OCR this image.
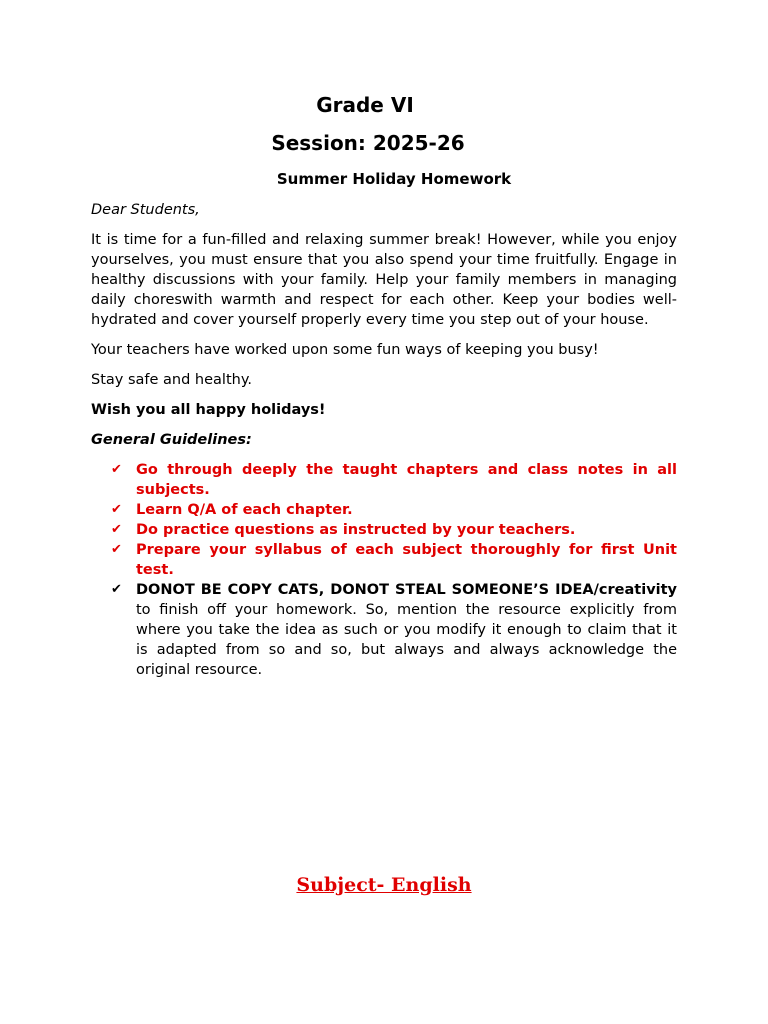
Grade VI
Session: 2025-26
Summer Holiday Homework
Dear Students,
It is time for a fun-filled and relaxing summer break! However, while you enjoy yourselves, you must ensure that you also spend your time fruitfully. Engage in healthy discussions with your family. Help your family members in managing daily choreswith warmth and respect for each other. Keep your bodies well-hydrated and cover yourself properly every time you step out of your house.
Your teachers have worked upon some fun ways of keeping you busy!
Stay safe and healthy.
Wish you all happy holidays!
General Guidelines:
✔ Go through deeply the taught chapters and class notes in all subjects.
✔ Learn Q/A of each chapter.
✔ Do practice questions as instructed by your teachers.
✔ Prepare your syllabus of each subject thoroughly for first Unit test.
✔ DONOT BE COPY CATS, DONOT STEAL SOMEONE’S IDEA/creativity to finish off your homework. So, mention the resource explicitly from where you take the idea as such or you modify it enough to claim that it is adapted from so and so, but always and always acknowledge the original resource.
Subject- English
